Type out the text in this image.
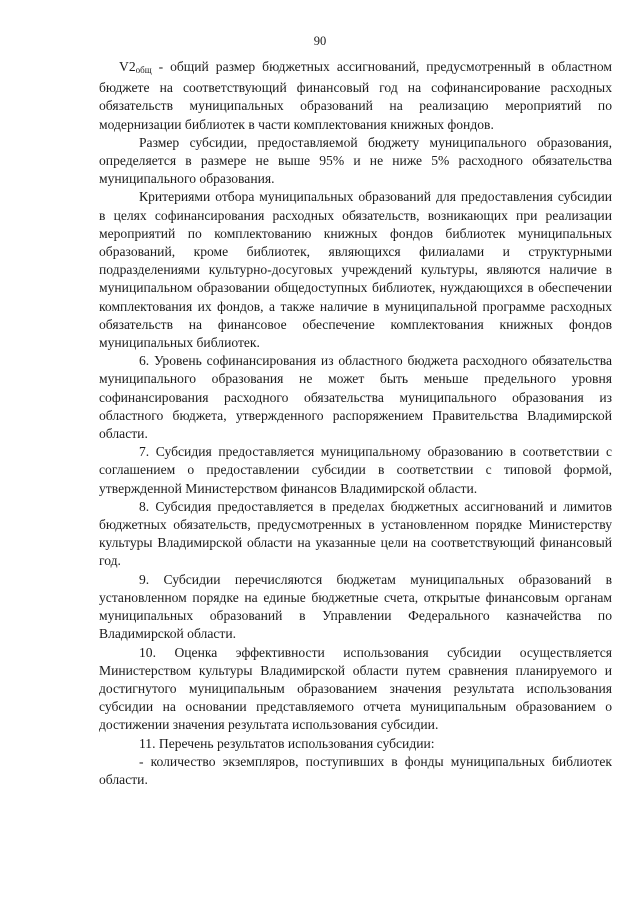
90

$V2_{общ}$ - общий размер бюджетных ассигнований, предусмотренный в областном бюджете на соответствующий финансовый год на софинансирование расходных обязательств муниципальных образований на реализацию мероприятий по модернизации библиотек в части комплектования книжных фондов.

Размер субсидии, предоставляемой бюджету муниципального образования, определяется в размере не выше 95% и не ниже 5% расходного обязательства муниципального образования.

Критериями отбора муниципальных образований для предоставления субсидии в целях софинансирования расходных обязательств, возникающих при реализации мероприятий по комплектованию книжных фондов библиотек муниципальных образований, кроме библиотек, являющихся филиалами и структурными подразделениями культурно-досуговых учреждений культуры, являются наличие в муниципальном образовании общедоступных библиотек, нуждающихся в обеспечении комплектования их фондов, а также наличие в муниципальной программе расходных обязательств на финансовое обеспечение комплектования книжных фондов муниципальных библиотек.

6. Уровень софинансирования из областного бюджета расходного обязательства муниципального образования не может быть меньше предельного уровня софинансирования расходного обязательства муниципального образования из областного бюджета, утвержденного распоряжением Правительства Владимирской области.

7. Субсидия предоставляется муниципальному образованию в соответствии с соглашением о предоставлении субсидии в соответствии с типовой формой, утвержденной Министерством финансов Владимирской области.

8. Субсидия предоставляется в пределах бюджетных ассигнований и лимитов бюджетных обязательств, предусмотренных в установленном порядке Министерству культуры Владимирской области на указанные цели на соответствующий финансовый год.

9. Субсидии перечисляются бюджетам муниципальных образований в установленном порядке на единые бюджетные счета, открытые финансовым органам муниципальных образований в Управлении Федерального казначейства по Владимирской области.

10. Оценка эффективности использования субсидии осуществляется Министерством культуры Владимирской области путем сравнения планируемого и достигнутого муниципальным образованием значения результата использования субсидии на основании представляемого отчета муниципальным образованием о достижении значения результата использования субсидии.

11. Перечень результатов использования субсидии:

- количество экземпляров, поступивших в фонды муниципальных библиотек области.
